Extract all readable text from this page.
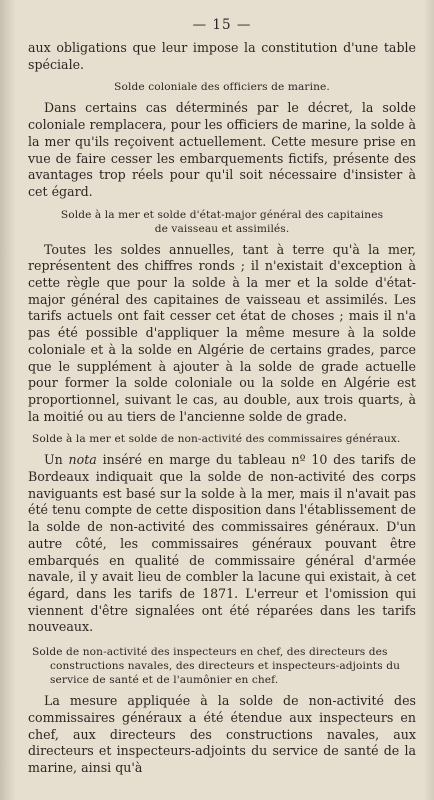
— 15 —

aux obligations que leur impose la constitution d'une table spéciale.

Solde coloniale des officiers de marine.

Dans certains cas déterminés par le décret, la solde coloniale remplacera, pour les officiers de marine, la solde à la mer qu'ils reçoivent actuellement. Cette mesure prise en vue de faire cesser les embarquements fictifs, présente des avantages trop réels pour qu'il soit nécessaire d'insister à cet égard.

Solde à la mer et solde d'état-major général des capitaines
de vaisseau et assimilés.

Toutes les soldes annuelles, tant à terre qu'à la mer, représentent des chiffres ronds ; il n'existait d'exception à cette règle que pour la solde à la mer et la solde d'état-major général des capitaines de vaisseau et assimilés. Les tarifs actuels ont fait cesser cet état de choses ; mais il n'a pas été possible d'appliquer la même mesure à la solde coloniale et à la solde en Algérie de certains grades, parce que le supplément à ajouter à la solde de grade actuelle pour former la solde coloniale ou la solde en Algérie est proportionnel, suivant le cas, au double, aux trois quarts, à la moitié ou au tiers de l'ancienne solde de grade.

Solde à la mer et solde de non-activité des commissaires généraux.

Un nota inséré en marge du tableau nº 10 des tarifs de Bordeaux indiquait que la solde de non-activité des corps naviguants est basé sur la solde à la mer, mais il n'avait pas été tenu compte de cette disposition dans l'établissement de la solde de non-activité des commissaires généraux. D'un autre côté, les commissaires généraux pouvant être embarqués en qualité de commissaire général d'armée navale, il y avait lieu de combler la lacune qui existait, à cet égard, dans les tarifs de 1871. L'erreur et l'omission qui viennent d'être signalées ont été réparées dans les tarifs nouveaux.

Solde de non-activité des inspecteurs en chef, des directeurs des constructions navales, des directeurs et inspecteurs-adjoints du service de santé et de l'aumônier en chef.

La mesure appliquée à la solde de non-activité des commissaires généraux a été étendue aux inspecteurs en chef, aux directeurs des constructions navales, aux directeurs et inspecteurs-adjoints du service de santé de la marine, ainsi qu'à
